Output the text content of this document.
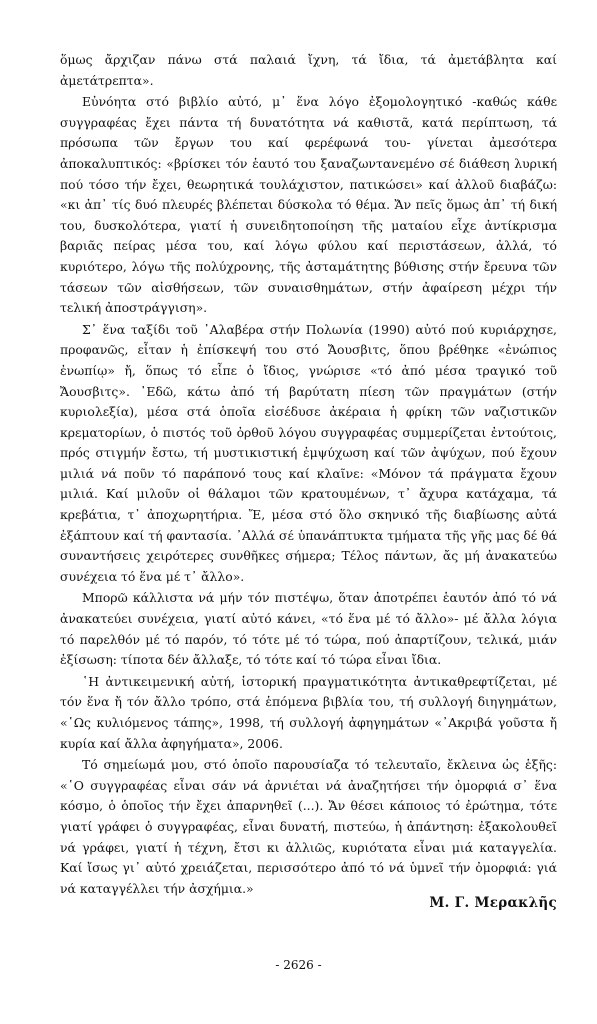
ὅμως ἄρχιζαν πάνω στά παλαιά ἴχνη, τά ἴδια, τά ἀμετάβλητα καί ἀμετάτρεπτα».

Εὐνόητα στό βιβλίο αὐτό, μ᾽ ἕνα λόγο ἐξομολογητικό -καθώς κάθε συγγραφέας ἔχει πάντα τή δυνατότητα νά καθιστᾶ, κατά περίπτωση, τά πρόσωπα τῶν ἔργων του καί φερέφωνά του- γίνεται ἀμεσότερα ἀποκαλυπτικός: «βρίσκει τόν ἑαυτό του ξαναζωντανεμένο σέ διάθεση λυρική πού τόσο τήν ἔχει, θεωρητικά τουλάχιστον, πατικώσει» καί ἀλλοῦ διαβάζω: «κι ἀπ᾽ τίς δυό πλευρές βλέπεται δύσκολα τό θέμα. Ἄν πεῖς ὅμως ἀπ᾽ τή δική του, δυσκολότερα, γιατί ἡ συνειδητοποίηση τῆς ματαίου εἶχε ἀντίκρισμα βαριᾶς πείρας μέσα του, καί λόγω φύλου καί περιστάσεων, ἀλλά, τό κυριότερο, λόγω τῆς πολύχρονης, τῆς ἀσταμάτητης βύθισης στήν ἔρευνα τῶν τάσεων τῶν αἰσθήσεων, τῶν συναισθημάτων, στήν ἀφαίρεση μέχρι τήν τελική ἀποστράγγιση».

Σ᾽ ἕνα ταξίδι τοῦ ᾽Αλαβέρα στήν Πολωνία (1990) αὐτό πού κυριάρχησε, προφανῶς, εἶταν ἡ ἐπίσκεψή του στό Ἄουσβιτς, ὅπου βρέθηκε «ἐνώπιος ἐνωπίῳ» ἤ, ὅπως τό εἶπε ὁ ἴδιος, γνώρισε «τό ἀπό μέσα τραγικό τοῦ Ἄουσβιτς». ᾽Εδῶ, κάτω ἀπό τή βαρύτατη πίεση τῶν πραγμάτων (στήν κυριολεξία), μέσα στά ὁποῖα εἰσέδυσε ἀκέραια ἡ φρίκη τῶν ναζιστικῶν κρεματορίων, ὁ πιστός τοῦ ὀρθοῦ λόγου συγγραφέας συμμερίζεται ἐντούτοις, πρός στιγμήν ἔστω, τή μυστικιστική ἐμψύχωση καί τῶν ἀψύχων, πού ἔχουν μιλιά νά ποῦν τό παράπονό τους καί κλαῖνε: «Μόνον τά πράγματα ἔχουν μιλιά. Καί μιλοῦν οἱ θάλαμοι τῶν κρατουμένων, τ᾽ ἄχυρα κατάχαμα, τά κρεβάτια, τ᾽ ἀποχωρητήρια. Ἔ, μέσα στό ὅλο σκηνικό τῆς διαβίωσης αὐτά ἐξάπτουν καί τή φαντασία. ᾽Αλλά σέ ὑπανάπτυκτα τμήματα τῆς γῆς μας δέ θά συναντήσεις χειρότερες συνθῆκες σήμερα; Τέλος πάντων, ἄς μή ἀνακατεύω συνέχεια τό ἕνα μέ τ᾽ ἄλλο».

Μπορῶ κάλλιστα νά μήν τόν πιστέψω, ὅταν ἀποτρέπει ἑαυτόν ἀπό τό νά ἀνακατεύει συνέχεια, γιατί αὐτό κάνει, «τό ἕνα μέ τό ἄλλο»- μέ ἄλλα λόγια τό παρελθόν μέ τό παρόν, τό τότε μέ τό τώρα, πού ἀπαρτίζουν, τελικά, μιάν ἐξίσωση: τίποτα δέν ἄλλαξε, τό τότε καί τό τώρα εἶναι ἴδια.

῾Η ἀντικειμενική αὐτή, ἱστορική πραγματικότητα ἀντικαθρεφτίζεται, μέ τόν ἕνα ἤ τόν ἄλλο τρόπο, στά ἑπόμενα βιβλία του, τή συλλογή διηγημάτων, «῾Ως κυλιόμενος τάπης», 1998, τή συλλογή ἀφηγημάτων «᾽Ακριβά γοῦστα ἤ κυρία καί ἄλλα ἀφηγήματα», 2006.

Τό σημείωμά μου, στό ὁποῖο παρουσίαζα τό τελευταῖο, ἔκλεινα ὡς ἑξῆς: «῾Ο συγγραφέας εἶναι σάν νά ἀρνιέται νά ἀναζητήσει τήν ὀμορφιά σ᾽ ἕνα κόσμο, ὁ ὁποῖος τήν ἔχει ἀπαρνηθεῖ (...). Ἄν θέσει κάποιος τό ἐρώτημα, τότε γιατί γράφει ὁ συγγραφέας, εἶναι δυνατή, πιστεύω, ἡ ἀπάντηση: ἐξακολουθεῖ νά γράφει, γιατί ἡ τέχνη, ἔτσι κι ἀλλιῶς, κυριότατα εἶναι μιά καταγγελία. Καί ἴσως γι᾽ αὐτό χρειάζεται, περισσότερο ἀπό τό νά ὑμνεῖ τήν ὀμορφιά: γιά νά καταγγέλλει τήν ἀσχήμια.»

Μ. Γ. Μερακλῆς

- 2626 -
